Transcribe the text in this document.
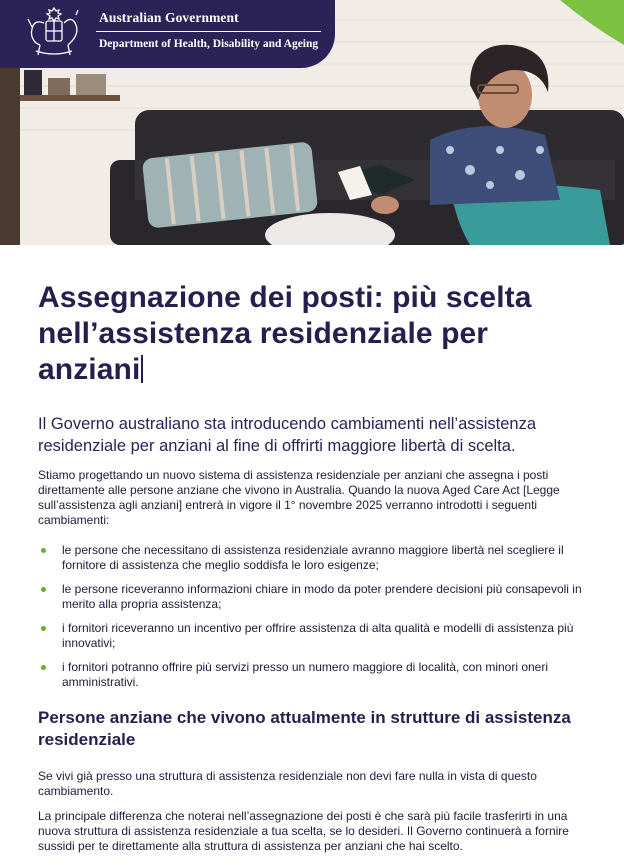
Australian Government
Department of Health, Disability and Ageing
Assegnazione dei posti: più scelta nell’assistenza residenziale per anziani

Il Governo australiano sta introducendo cambiamenti nell’assistenza residenziale per anziani al fine di offrirti maggiore libertà di scelta.

Stiamo progettando un nuovo sistema di assistenza residenziale per anziani che assegna i posti direttamente alle persone anziane che vivono in Australia. Quando la nuova Aged Care Act [Legge sull’assistenza agli anziani] entrerà in vigore il 1° novembre 2025 verranno introdotti i seguenti cambiamenti:

le persone che necessitano di assistenza residenziale avranno maggiore libertà nel scegliere il fornitore di assistenza che meglio soddisfa le loro esigenze;
le persone riceveranno informazioni chiare in modo da poter prendere decisioni più consapevoli in merito alla propria assistenza;
i fornitori riceveranno un incentivo per offrire assistenza di alta qualità e modelli di assistenza più innovativi;
i fornitori potranno offrire più servizi presso un numero maggiore di località, con minori oneri amministrativi.
Persone anziane che vivono attualmente in strutture di assistenza residenziale

Se vivi già presso una struttura di assistenza residenziale non devi fare nulla in vista di questo cambiamento.

La principale differenza che noterai nell’assegnazione dei posti è che sarà più facile trasferirti in una nuova struttura di assistenza residenziale a tua scelta, se lo desideri. Il Governo continuerà a fornire sussidi per te direttamente alla struttura di assistenza per anziani che hai scelto.
